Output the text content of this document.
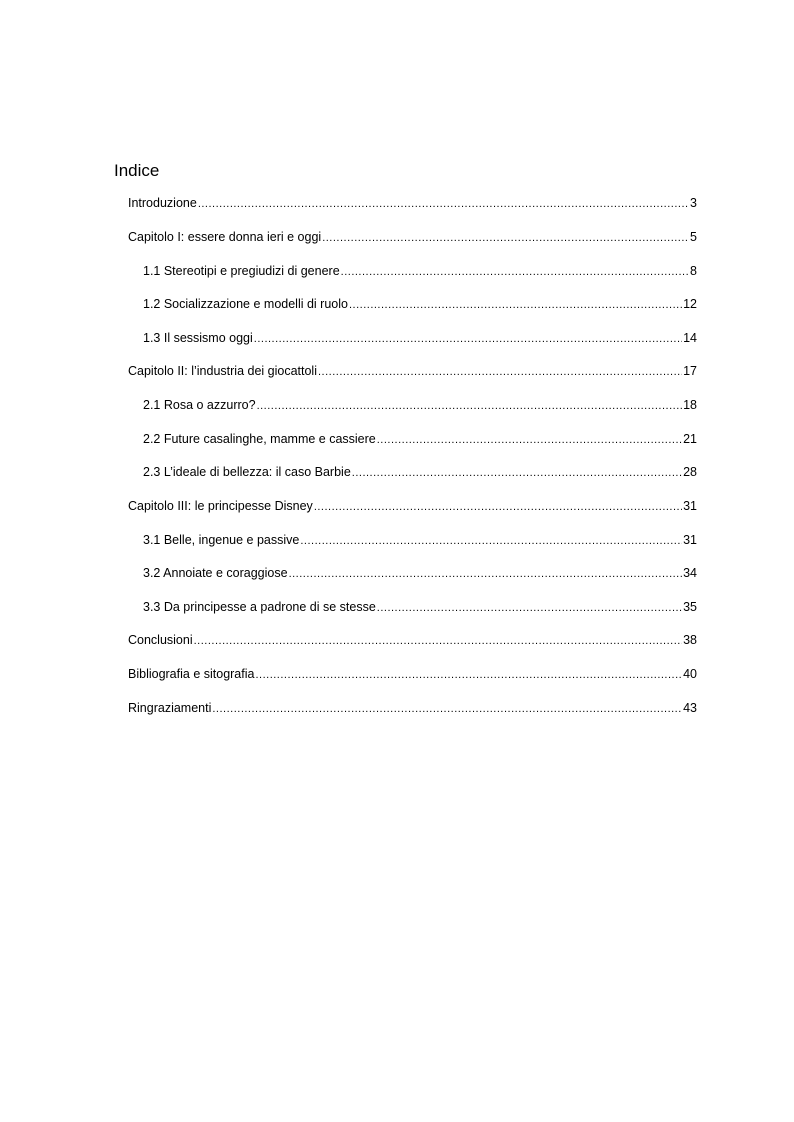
Indice
Introduzione .....	3
Capitolo I: essere donna ieri e oggi .....	5
1.1 Stereotipi e pregiudizi di genere .....	8
1.2 Socializzazione e modelli di ruolo .....	12
1.3 Il sessismo oggi .....	14
Capitolo II: l’industria dei giocattoli .....	17
2.1 Rosa o azzurro? .....	18
2.2 Future casalinghe, mamme e cassiere .....	21
2.3 L’ideale di bellezza: il caso Barbie .....	28
Capitolo III: le principesse Disney .....	31
3.1 Belle, ingenue e passive .....	31
3.2 Annoiate e coraggiose .....	34
3.3 Da principesse a padrone di se stesse .....	35
Conclusioni .....	38
Bibliografia e sitografia .....	40
Ringraziamenti .....	43
